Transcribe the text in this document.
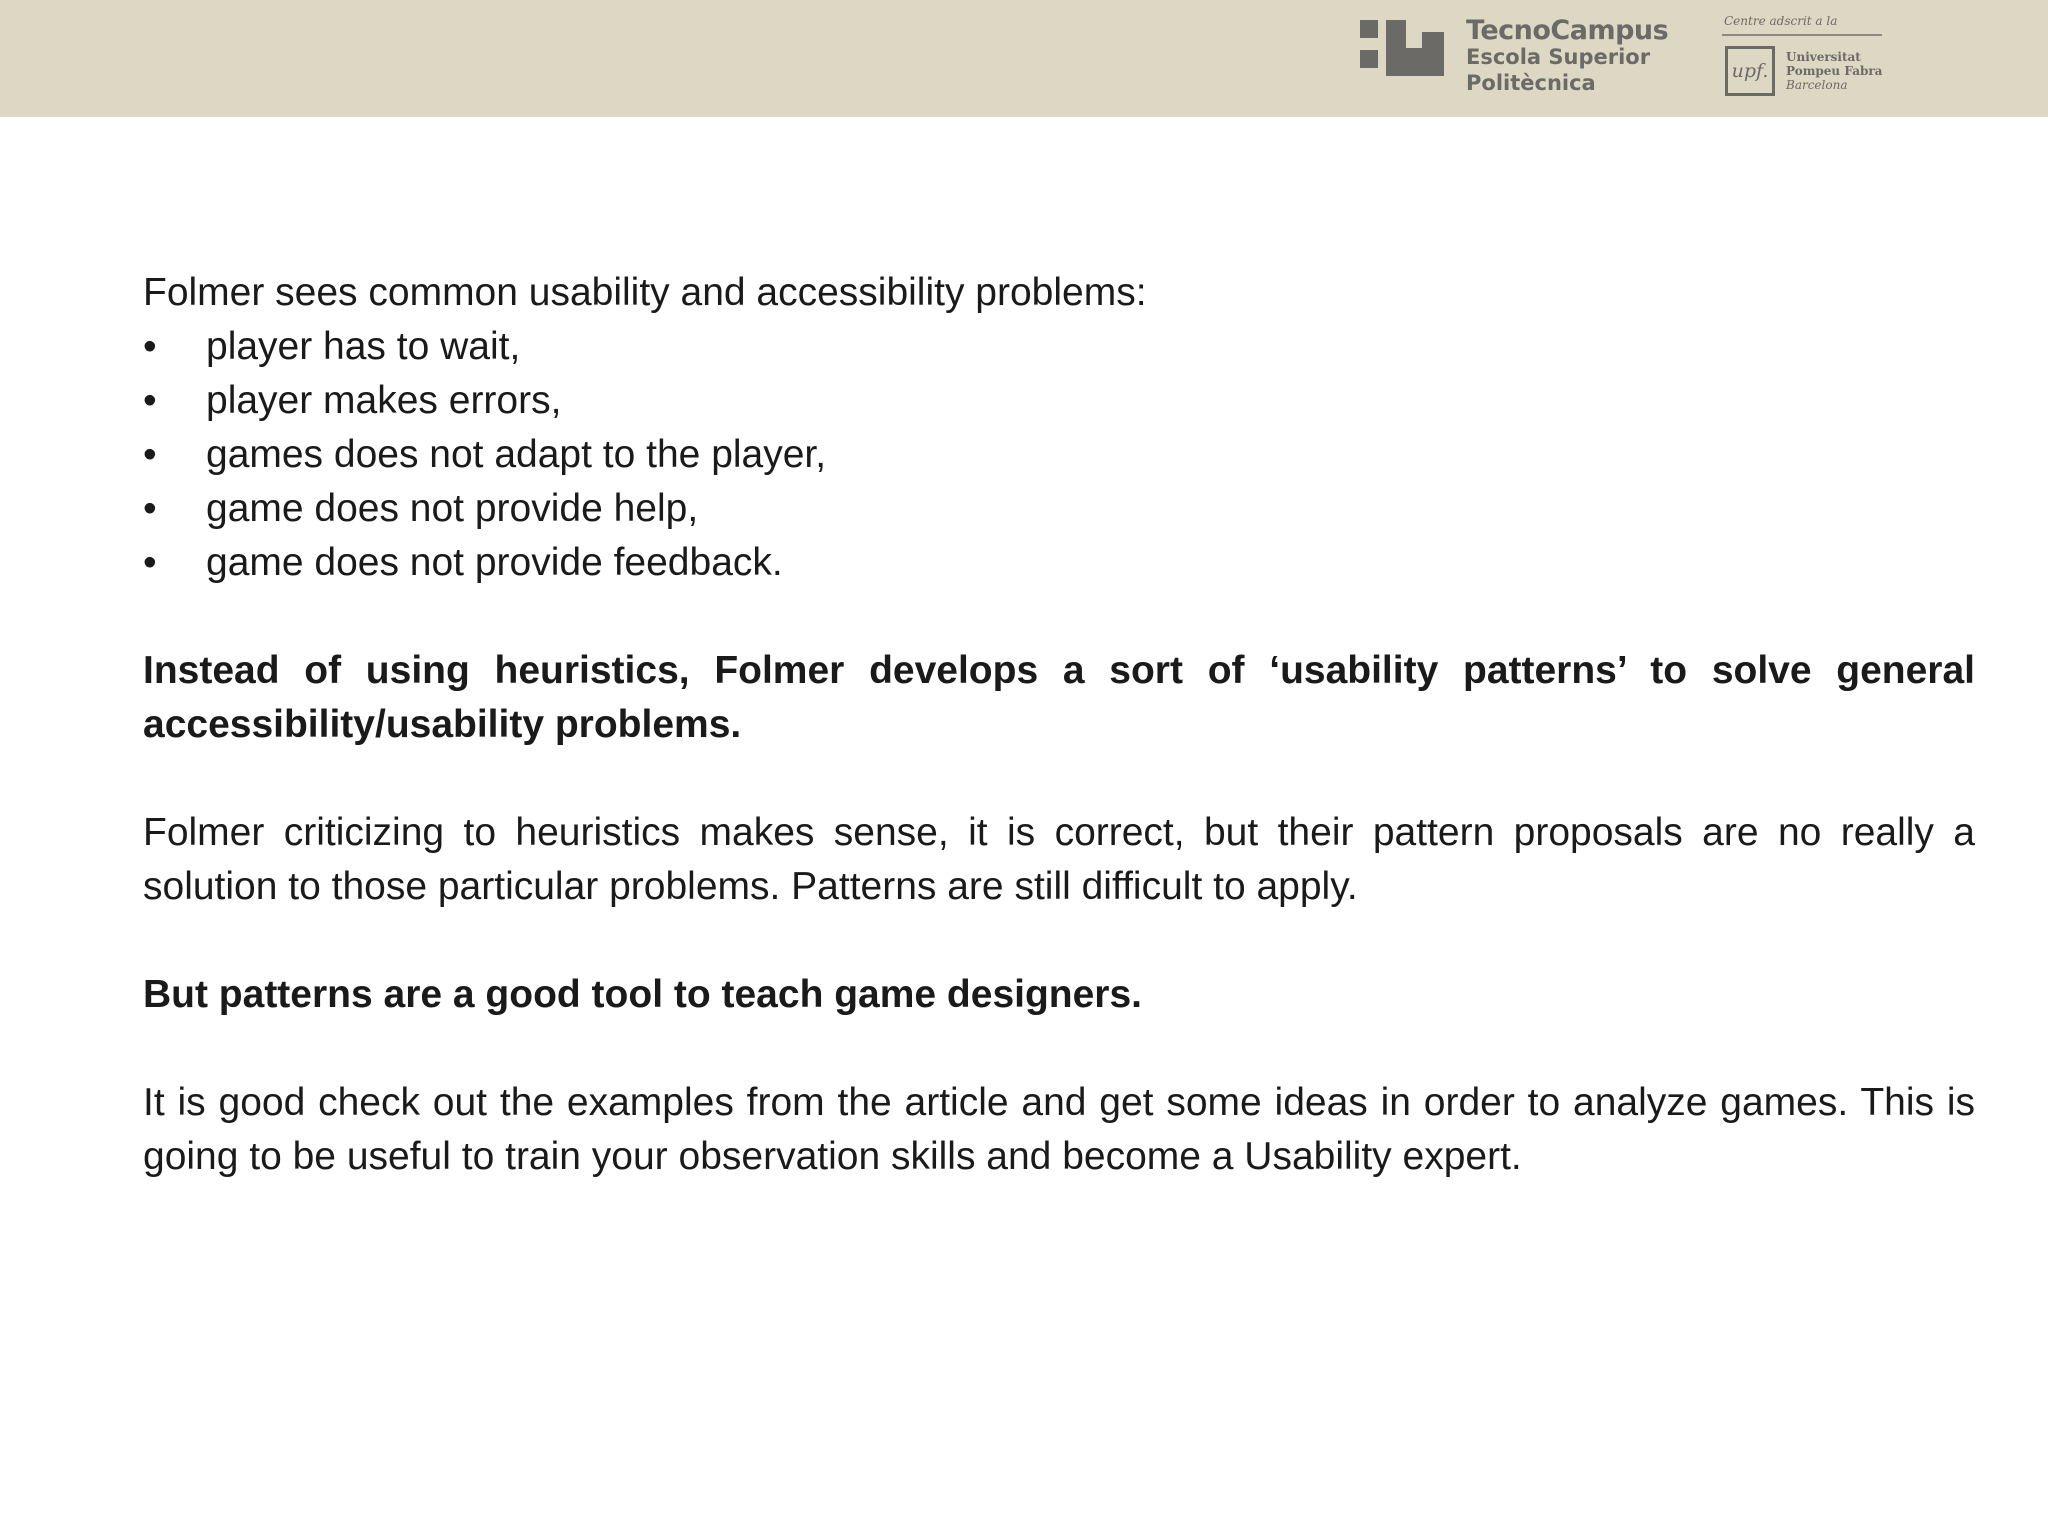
TecnoCampus
Escola Superior
Politècnica
Centre adscrit a la
upf.
Universitat
Pompeu Fabra
Barcelona

Folmer sees common usability and accessibility problems:

• player has to wait,
• player makes errors,
• games does not adapt to the player,
• game does not provide help,
• game does not provide feedback.

Instead of using heuristics, Folmer develops a sort of ‘usability patterns’ to solve general accessibility/usability problems.

Folmer criticizing to heuristics makes sense, it is correct, but their pattern proposals are no really a solution to those particular problems. Patterns are still difficult to apply.

But patterns are a good tool to teach game designers.

It is good check out the examples from the article and get some ideas in order to analyze games. This is going to be useful to train your observation skills and become a Usability expert.
